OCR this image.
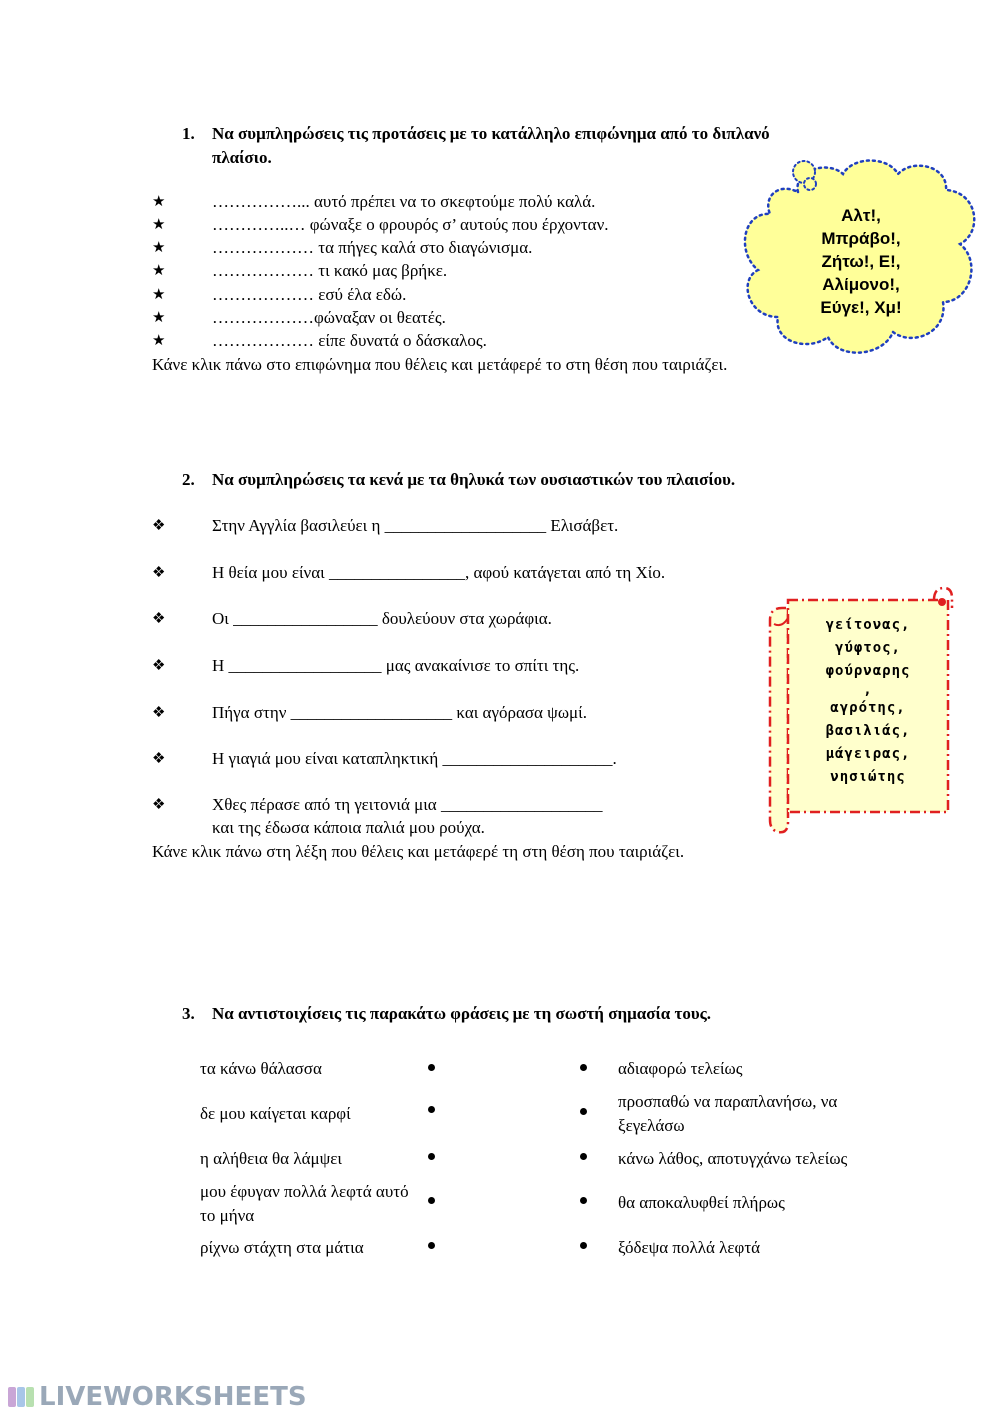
1. Να συμπληρώσεις τις προτάσεις με το κατάλληλο επιφώνημα από το διπλανό πλαίσιο.
★	……………... αυτό πρέπει να το σκεφτούμε πολύ καλά.
★	…………..… φώναξε ο φρουρός σ’ αυτούς που έρχονταν.
★	……………… τα πήγες καλά στο διαγώνισμα.
★	……………… τι κακό μας βρήκε.
★	……………… εσύ έλα εδώ.
★	………………φώναξαν οι θεατές.
★	……………… είπε δυνατά ο δάσκαλος.
Κάνε κλικ πάνω στο επιφώνημα που θέλεις και μετάφερέ το στη θέση που ταιριάζει.
Αλτ!,
Μπράβο!,
Ζήτω!, Ε!,
Αλίμονο!,
Εύγε!, Χμ!
2. Να συμπληρώσεις τα κενά με τα θηλυκά των ουσιαστικών του πλαισίου.
❖	Στην Αγγλία βασιλεύει η ___________________ Ελισάβετ.
❖	Η θεία μου είναι ________________, αφού κατάγεται από τη Χίο.
❖	Οι _________________ δουλεύουν στα χωράφια.
❖	Η __________________ μας ανακαίνισε το σπίτι της.
❖	Πήγα στην ___________________ και αγόρασα ψωμί.
❖	Η γιαγιά μου είναι καταπληκτική ____________________.
❖	Χθες πέρασε από τη γειτονιά μια ___________________
και της έδωσα κάποια παλιά μου ρούχα.
Κάνε κλικ πάνω στη λέξη που θέλεις και μετάφερέ τη στη θέση που ταιριάζει.
γείτονας,
γύφτος,
φούρναρης
,
αγρότης,
βασιλιάς,
μάγειρας,
νησιώτης
3. Να αντιστοιχίσεις τις παρακάτω φράσεις με τη σωστή σημασία τους.
τα κάνω θάλασσα
δε μου καίγεται καρφί
η αλήθεια θα λάμψει
μου έφυγαν πολλά λεφτά αυτό το μήνα
ρίχνω στάχτη στα μάτια
αδιαφορώ τελείως
προσπαθώ να παραπλανήσω, να ξεγελάσω
κάνω λάθος, αποτυγχάνω τελείως
θα αποκαλυφθεί πλήρως
ξόδεψα πολλά λεφτά
LIVEWORKSHEETS
